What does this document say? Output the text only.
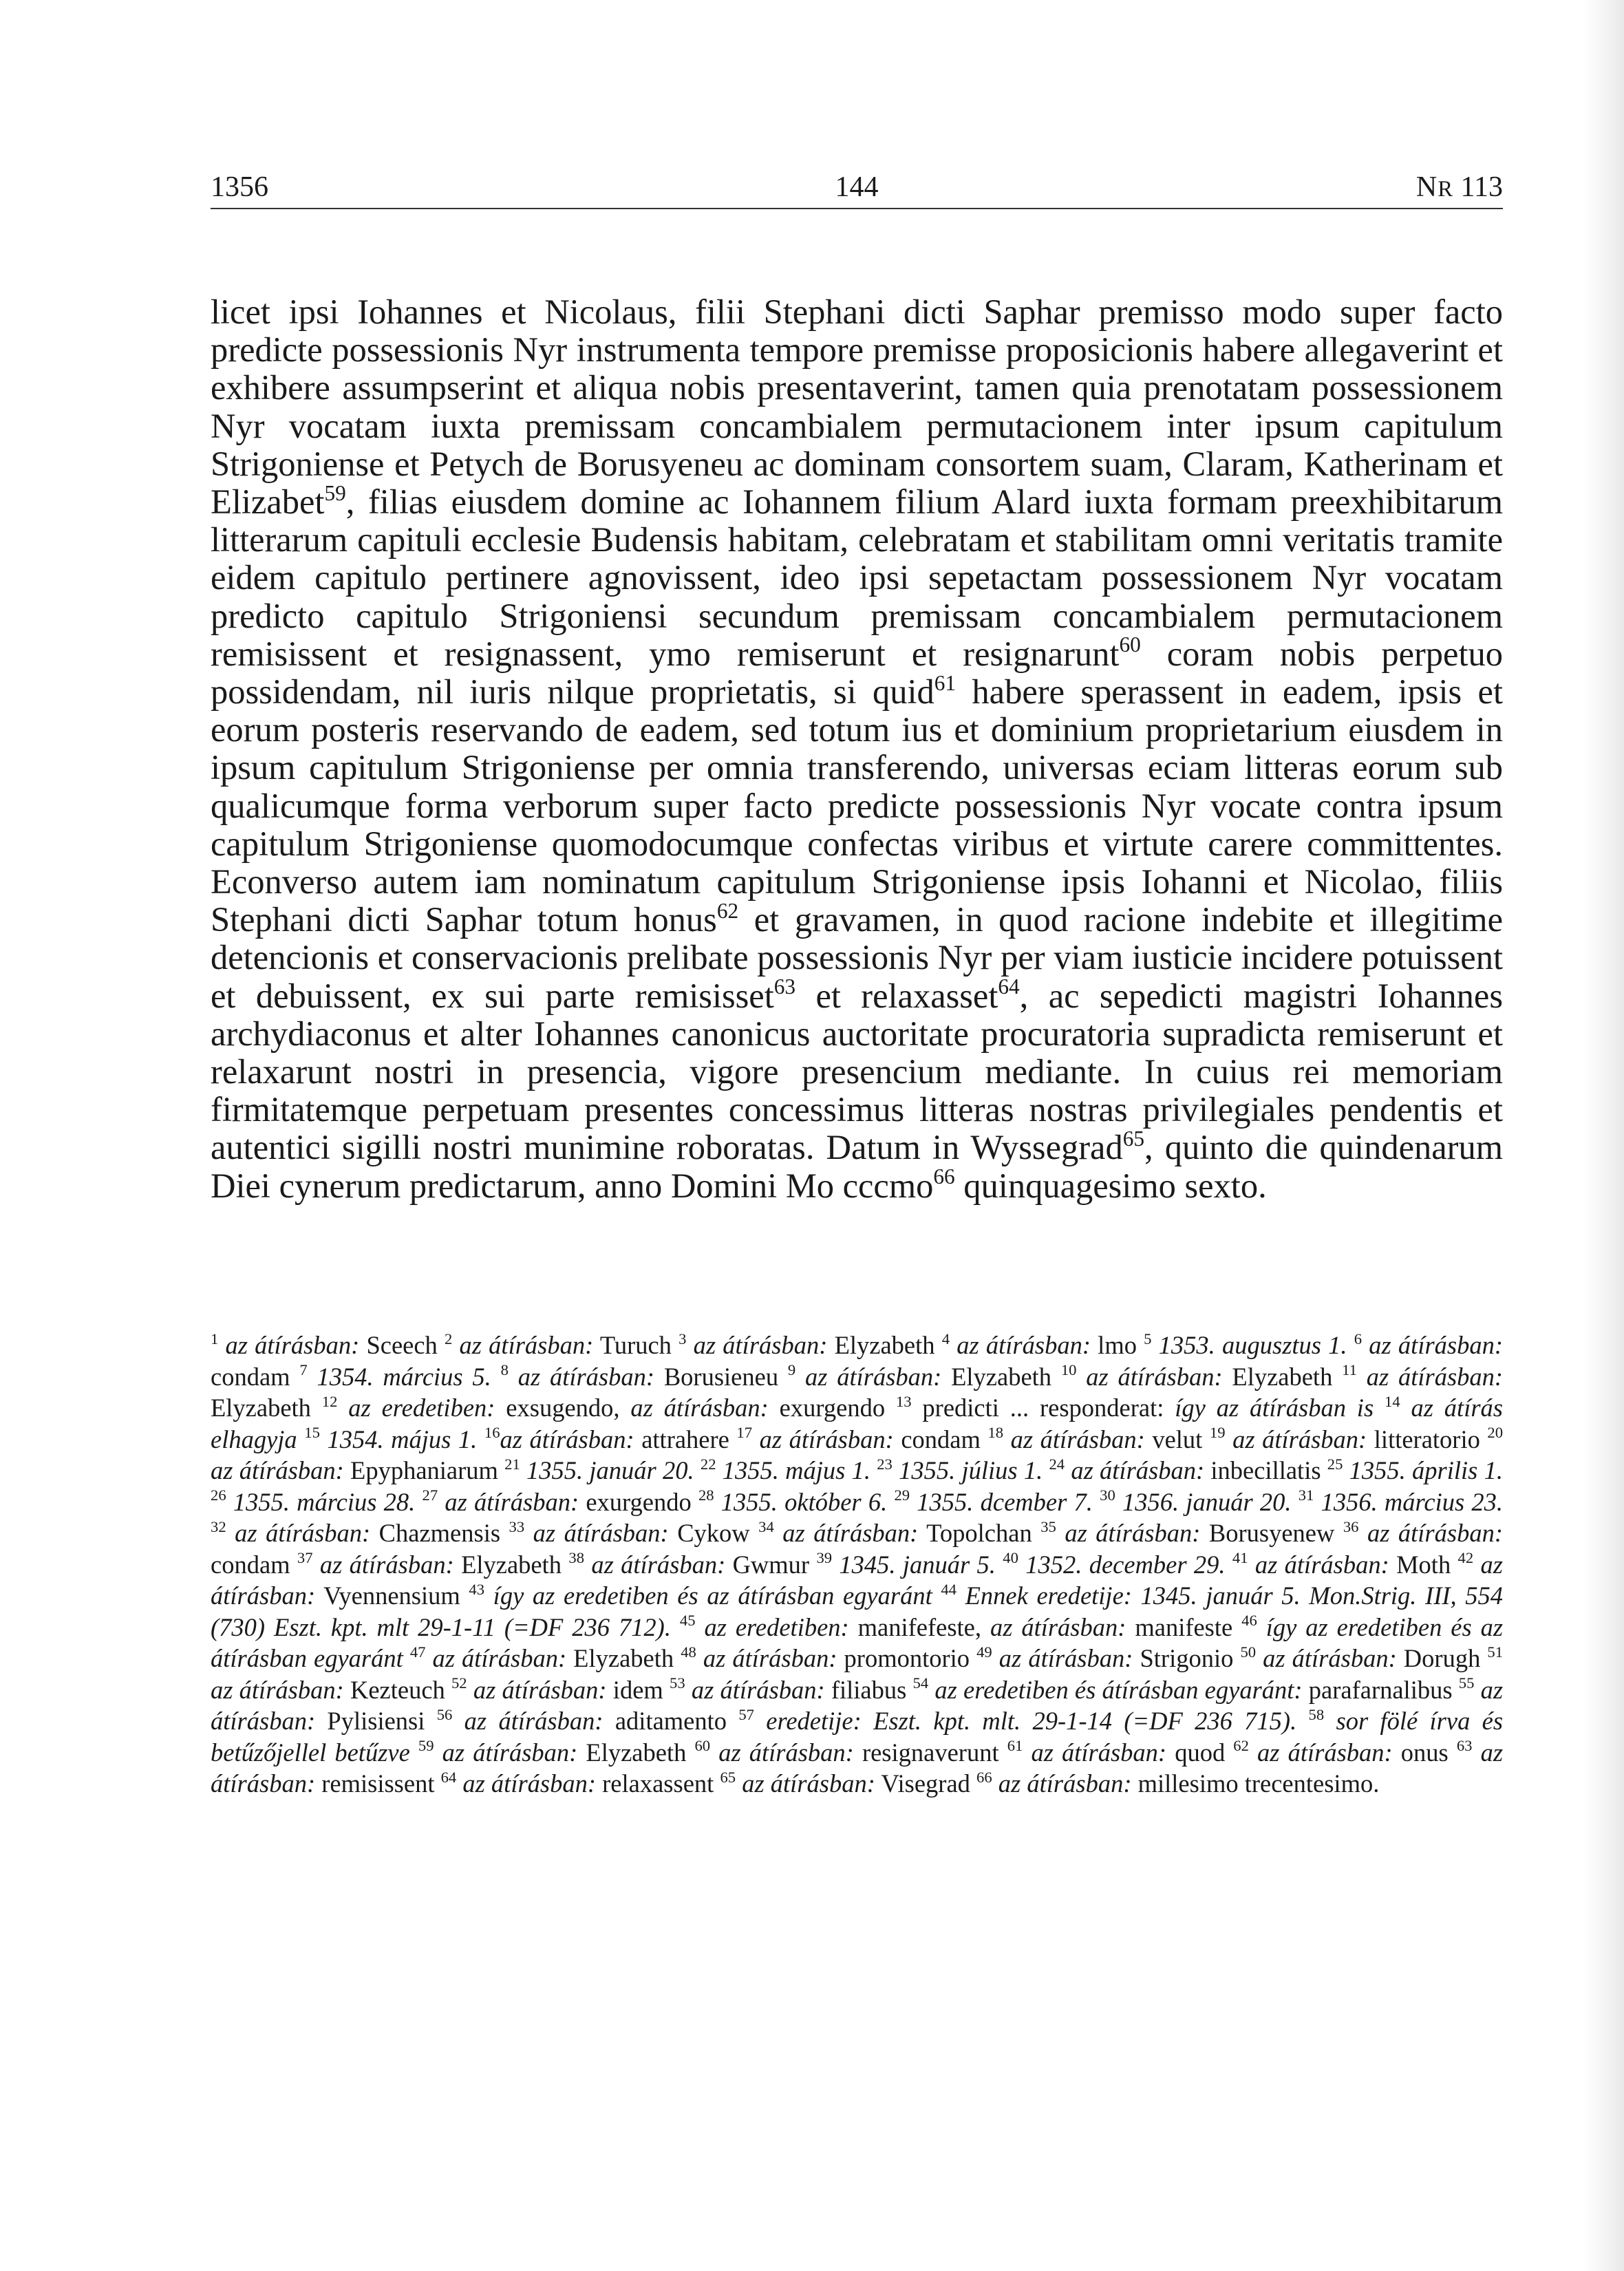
1356	144	NR 113

licet ipsi Iohannes et Nicolaus, filii Stephani dicti Saphar premisso modo super facto predicte possessionis Nyr instrumenta tempore premisse proposicionis habere allegaverint et exhibere assumpserint et aliqua nobis presentaverint, tamen quia prenotatam possessionem Nyr vocatam iuxta premissam concambialem permutacionem inter ipsum capitulum Strigoniense et Petych de Borusyeneu ac dominam consortem suam, Claram, Katherinam et Elizabet$^{59}$, filias eiusdem domine ac Iohannem filium Alard iuxta formam preexhibitarum litterarum capituli ecclesie Budensis habitam, celebratam et stabilitam omni veritatis tramite eidem capitulo pertinere agnovissent, ideo ipsi sepetactam possessionem Nyr vocatam predicto capitulo Strigoniensi secundum premissam concambialem permutacionem remisissent et resignassent, ymo remiserunt et resignarunt$^{60}$ coram nobis perpetuo possidendam, nil iuris nilque proprietatis, si quid$^{61}$ habere sperassent in eadem, ipsis et eorum posteris reservando de eadem, sed totum ius et dominium proprietarium eiusdem in ipsum capitulum Strigoniense per omnia transferendo, universas eciam litteras eorum sub qualicumque forma verborum super facto predicte possessionis Nyr vocate contra ipsum capitulum Strigoniense quomodocumque confectas viribus et virtute carere committentes. Econverso autem iam nominatum capitulum Strigoniense ipsis Iohanni et Nicolao, filiis Stephani dicti Saphar totum honus$^{62}$ et gravamen, in quod racione indebite et illegitime detencionis et conservacionis prelibate possessionis Nyr per viam iusticie incidere potuissent et debuissent, ex sui parte remisisset$^{63}$ et relaxasset$^{64}$, ac sepedicti magistri Iohannes archydiaconus et alter Iohannes canonicus auctoritate procuratoria supradicta remiserunt et relaxarunt nostri in presencia, vigore presencium mediante. In cuius rei memoriam firmitatemque perpetuam presentes concessimus litteras nostras privilegiales pendentis et autentici sigilli nostri munimine roboratas. Datum in Wyssegrad$^{65}$, quinto die quindenarum Diei cynerum predictarum, anno Domini Mo cccmo$^{66}$ quinquagesimo sexto.

$^1$ az átírásban: Sceech $^2$ az átírásban: Turuch $^3$ az átírásban: Elyzabeth $^4$ az átírásban: lmo $^5$ 1353. augusztus 1. $^6$ az átírásban: condam $^7$ 1354. március 5. $^8$ az átírásban: Borusieneu $^9$ az átírásban: Elyzabeth $^{10}$ az átírásban: Elyzabeth $^{11}$ az átírásban: Elyzabeth $^{12}$ az eredetiben: exsugendo, az átírásban: exurgendo $^{13}$ predicti ... responderat: így az átírásban is $^{14}$ az átírás elhagyja $^{15}$ 1354. május 1. $^{16}$az átírásban: attrahere $^{17}$ az átírásban: condam $^{18}$ az átírásban: velut $^{19}$ az átírásban: litteratorio $^{20}$ az átírásban: Epyphaniarum $^{21}$ 1355. január 20. $^{22}$ 1355. május 1. $^{23}$ 1355. július 1. $^{24}$ az átírásban: inbecillatis $^{25}$ 1355. április 1. $^{26}$ 1355. március 28. $^{27}$ az átírásban: exurgendo $^{28}$ 1355. október 6. $^{29}$ 1355. dcember 7. $^{30}$ 1356. január 20. $^{31}$ 1356. március 23. $^{32}$ az átírásban: Chazmensis $^{33}$ az átírásban: Cykow $^{34}$ az átírásban: Topolchan $^{35}$ az átírásban: Borusyenew $^{36}$ az átírásban: condam $^{37}$ az átírásban: Elyzabeth $^{38}$ az átírásban: Gwmur $^{39}$ 1345. január 5. $^{40}$ 1352. december 29. $^{41}$ az átírásban: Moth $^{42}$ az átírásban: Vyennensium $^{43}$ így az eredetiben és az átírásban egyaránt $^{44}$ Ennek eredetije: 1345. január 5. Mon.Strig. III, 554 (730) Eszt. kpt. mlt 29-1-11 (=DF 236 712). $^{45}$ az eredetiben: manifefeste, az átírásban: manifeste $^{46}$ így az eredetiben és az átírásban egyaránt $^{47}$ az átírásban: Elyzabeth $^{48}$ az átírásban: promontorio $^{49}$ az átírásban: Strigonio $^{50}$ az átírásban: Dorugh $^{51}$ az átírásban: Kezteuch $^{52}$ az átírásban: idem $^{53}$ az átírásban: filiabus $^{54}$ az eredetiben és átírásban egyaránt: parafarnalibus $^{55}$ az átírásban: Pylisiensi $^{56}$ az átírásban: aditamento $^{57}$ eredetije: Eszt. kpt. mlt. 29-1-14 (=DF 236 715). $^{58}$ sor fölé írva és betűzőjellel betűzve $^{59}$ az átírásban: Elyzabeth $^{60}$ az átírásban: resignaverunt $^{61}$ az átírásban: quod $^{62}$ az átírásban: onus $^{63}$ az átírásban: remisissent $^{64}$ az átírásban: relaxassent $^{65}$ az átírásban: Visegrad $^{66}$ az átírásban: millesimo trecentesimo.
